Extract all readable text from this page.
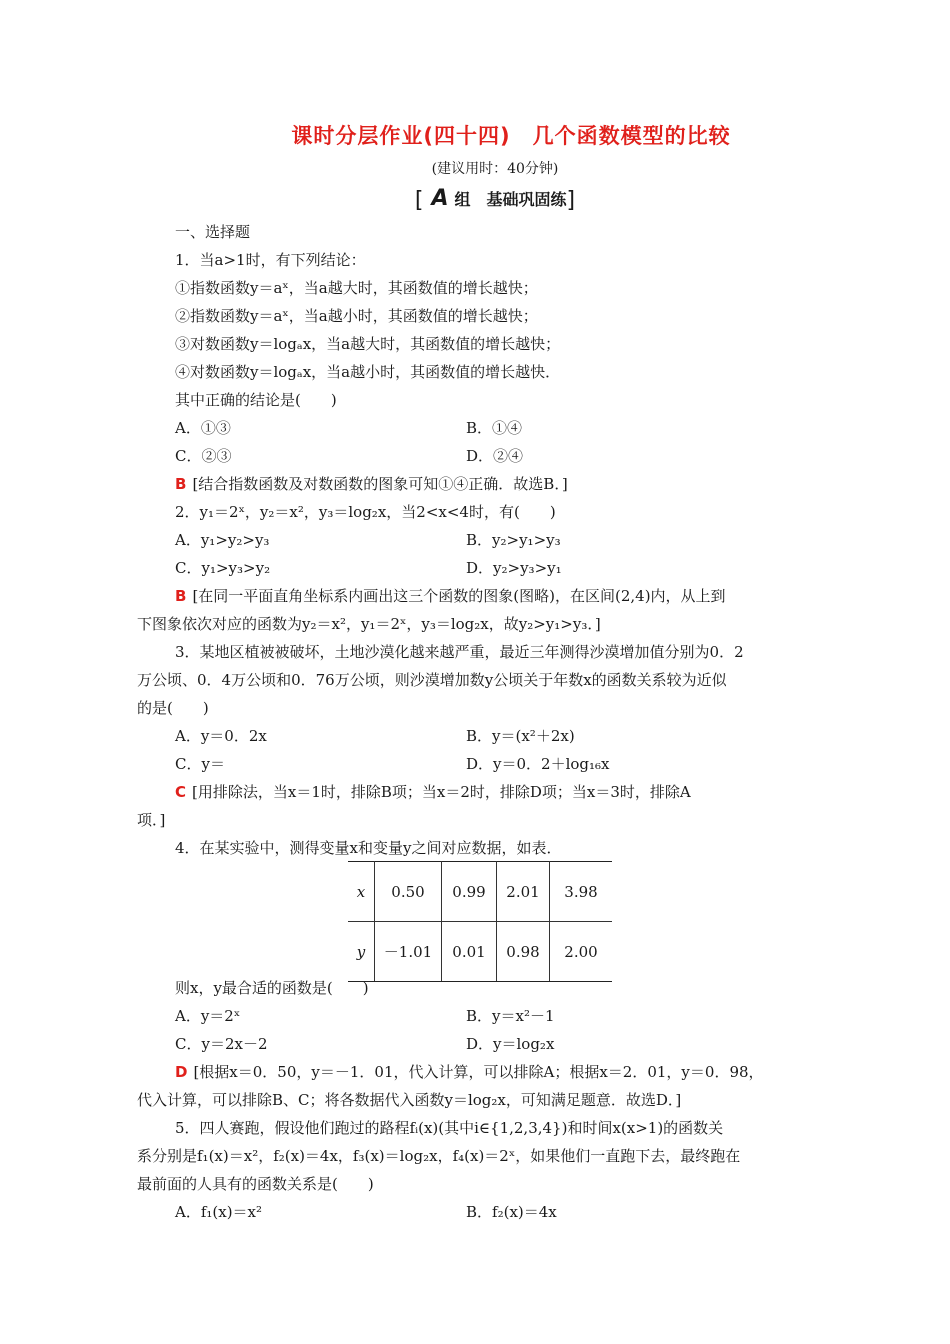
课时分层作业(四十四)　几个函数模型的比较
(建议用时：40分钟)
[ A 组　基础巩固练]
一、选择题
1．当a>1时，有下列结论：
①指数函数y＝aˣ，当a越大时，其函数值的增长越快；
②指数函数y＝aˣ，当a越小时，其函数值的增长越快；
③对数函数y＝logₐx，当a越大时，其函数值的增长越快；
④对数函数y＝logₐx，当a越小时，其函数值的增长越快．
其中正确的结论是(　　)
A．①③	B．①④
C．②③	D．②④
B [结合指数函数及对数函数的图象可知①④正确．故选B．]
2．y₁＝2ˣ，y₂＝x²，y₃＝log₂x，当2<x<4时，有(　　)
A．y₁>y₂>y₃	B．y₂>y₁>y₃
C．y₁>y₃>y₂	D．y₂>y₃>y₁
B [在同一平面直角坐标系内画出这三个函数的图象(图略)，在区间(2,4)内，从上到
下图象依次对应的函数为y₂＝x²，y₁＝2ˣ，y₃＝log₂x，故y₂>y₁>y₃．]
3．某地区植被被破坏，土地沙漠化越来越严重，最近三年测得沙漠增加值分别为0．2
万公顷、0．4万公顷和0．76万公顷，则沙漠增加数y公顷关于年数x的函数关系较为近似
的是(　　)
A．y＝0．2x	B．y＝(x²＋2x)
C．y＝	D．y＝0．2＋log₁₆x
C [用排除法，当x＝1时，排除B项；当x＝2时，排除D项；当x＝3时，排除A
项．]
4．在某实验中，测得变量x和变量y之间对应数据，如表．
x	0.50	0.99	2.01	3.98
y	－1.01	0.01	0.98	2.00
则x，y最合适的函数是(　　)
A．y＝2ˣ	B．y＝x²－1
C．y＝2x－2	D．y＝log₂x
D [根据x＝0．50，y＝－1．01，代入计算，可以排除A；根据x＝2．01，y＝0．98，
代入计算，可以排除B、C；将各数据代入函数y＝log₂x，可知满足题意．故选D．]
5．四人赛跑，假设他们跑过的路程fᵢ(x)(其中i∈{1,2,3,4})和时间x(x>1)的函数关
系分别是f₁(x)＝x²，f₂(x)＝4x，f₃(x)＝log₂x，f₄(x)＝2ˣ，如果他们一直跑下去，最终跑在
最前面的人具有的函数关系是(　　)
A．f₁(x)＝x²	B．f₂(x)＝4x
